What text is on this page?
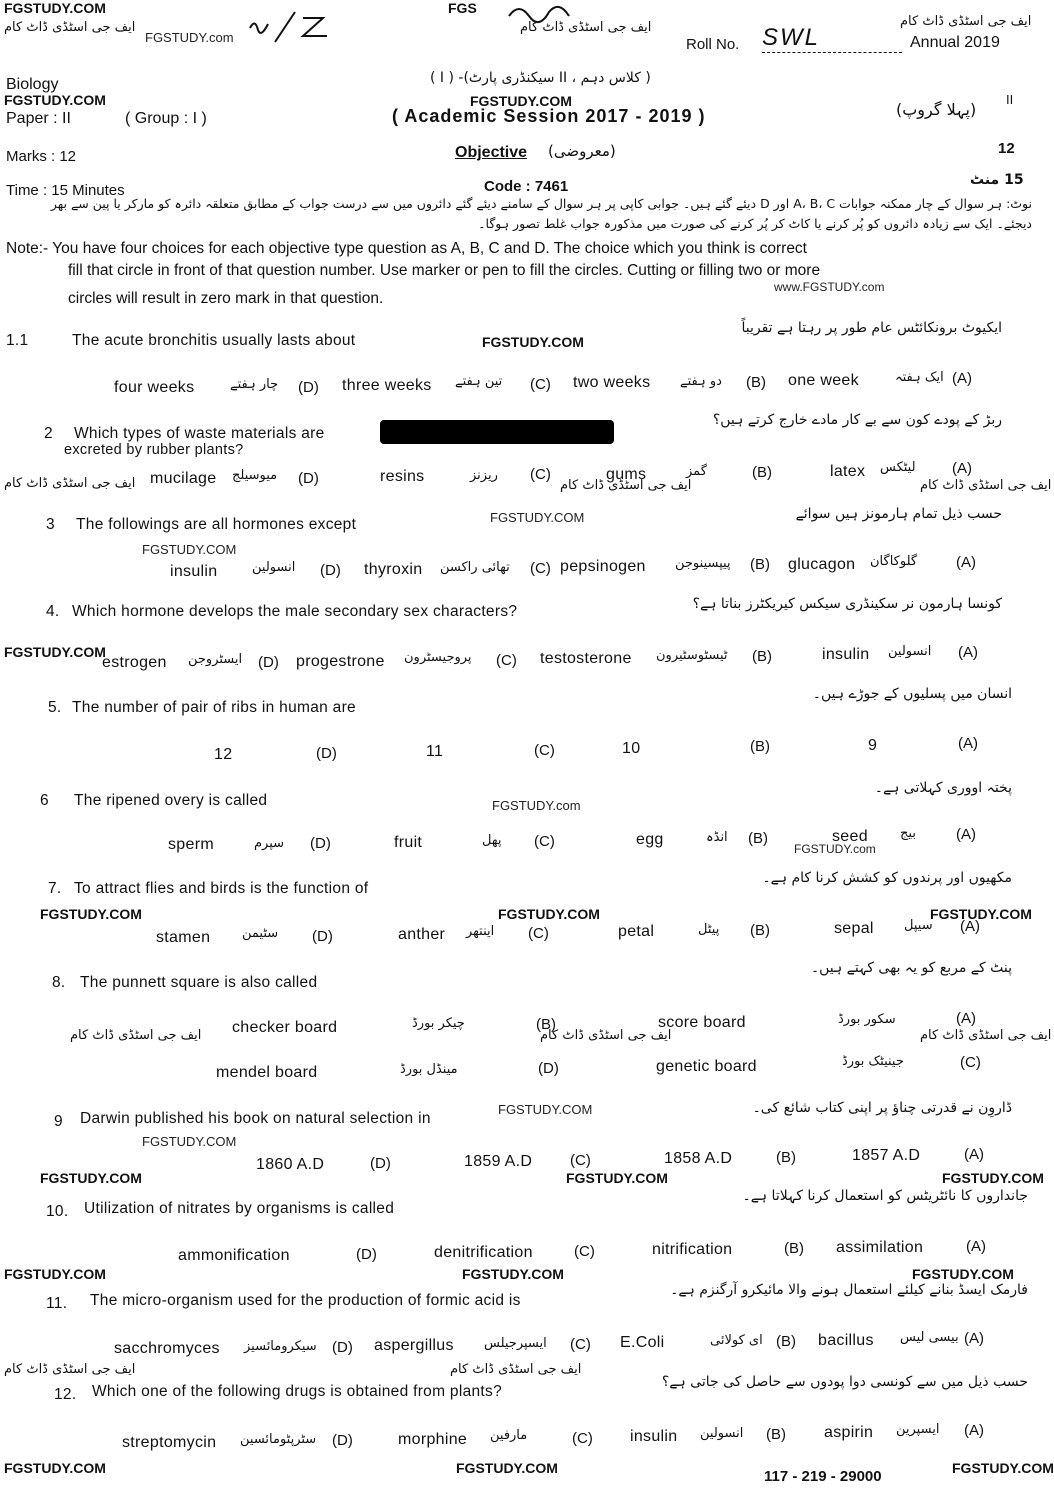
FGSTUDY.COM
FGSTUDY.com
ایف جی اسٹڈی ڈاٹ کام
FGS
ایف جی اسٹڈی ڈاٹ کام
Roll No. SWL	Annual 2019
ایف جی اسٹڈی ڈاٹ کام
Biology
FGSTUDY.COM
Paper : II	( Group : I )
( I ) -(سیکنڈری پارٹ II ، کلاس دہم )
FGSTUDY.COM
( Academic Session 2017 - 2019 )	(پہلا گروپ)
II
Marks : 12	Objective (معروضی)	12
Time : 15 Minutes	Code : 7461	15 منٹ
نوٹ: ہر سوال کے چار ممکنہ جوابات A، B، C اور D دیئے گئے ہیں۔ جوابی کاپی پر ہر سوال کے سامنے دیئے گئے دائروں میں سے درست جواب کے مطابق متعلقہ دائرہ کو مارکر یا پین سے بھر
دیجئے۔ ایک سے زیادہ دائروں کو پُر کرنے یا کاٹ کر پُر کرنے کی صورت میں مذکورہ جواب غلط تصور ہوگا۔
Note:- You have four choices for each objective type question as A, B, C and D. The choice which you think is correct
fill that circle in front of that question number. Use marker or pen to fill the circles. Cutting or filling two or more
circles will result in zero mark in that question.
www.FGSTUDY.com
1.1	The acute bronchitis usually lasts about	FGSTUDY.COM
ایکیوٹ برونکائٹس عام طور پر رہتا ہے تقریباً
(A)
ایک ہفتہ
one week
(B)
دو ہفتے
two weeks
(C)
تین ہفتے
three weeks
(D)
چار ہفتے
four weeks
2 Which types of waste materials are
excreted by rubber plants?
ربڑ کے پودے کون سے بے کار مادے خارج کرتے ہیں؟
(A)
لیٹکس
latex
ایف جی اسٹڈی ڈاٹ کام
(B)
گمز
gums
ایف جی اسٹڈی ڈاٹ کام
(C)
ریزنز
resins
(D)
میوسیلج
mucilage
ایف جی اسٹڈی ڈاٹ کام
3 The followings are all hormones except	FGSTUDY.COM	حسب ذیل تمام ہارمونز ہیں سوائے
FGSTUDY.COM
(A)
گلوکاگان
glucagon
(B)
پیپسینوجن
pepsinogen
(C)
تھائی راکسن
thyroxin
(D)
انسولین
insulin
4. Which hormone develops the male secondary sex characters?	کونسا ہارمون نر سکینڈری سیکس کیریکٹرز بناتا ہے؟
FGSTUDY.COM	(A)
انسولین
insulin
(B)
ٹیسٹوسٹیرون
testosterone
(C)
پروجیسٹرون
progestrone
(D)
ایسٹروجن
estrogen
5. The number of pair of ribs in human are
انسان میں پسلیوں کے جوڑے ہیں۔
(A)
9
(B)
10
(C)
11
(D)
12
6 The ripened overy is called	FGSTUDY.com
پختہ اووری کہلاتی ہے۔
(A)
بیج
seed
FGSTUDY.com
(B)
انڈہ
egg
(C)
پھل
fruit
(D)
سپرم
sperm
7. To attract flies and birds is the function of
مکھیوں اور پرندوں کو کشش کرنا کام ہے۔
FGSTUDY.COM	FGSTUDY.COM	FGSTUDY.COM
(A)
سیپل
sepal
(B)
پیٹل
petal
(C)
اینتھر
anther
(D)
سٹیمن
stamen
8. The punnett square is also called
پنٹ کے مربع کو یہ بھی کہتے ہیں۔
(A)
سکور بورڈ
ایف جی اسٹڈی ڈاٹ کام
score board
(B)
ایف جی اسٹڈی ڈاٹ کام
چیکر بورڈ
checker board
ایف جی اسٹڈی ڈاٹ کام
(C)
جینیٹک بورڈ
genetic board
(D)
مینڈل بورڈ
mendel board
9 Darwin published his book on natural selection in
FGSTUDY.COM	ڈاروِن نے قدرتی چناؤ پر اپنی کتاب شائع کی۔
FGSTUDY.COM
(A)
1857 A.D
(B)
1858 A.D
(C)
1859 A.D
(D)
1860 A.D
FGSTUDY.COM	FGSTUDY.COM	FGSTUDY.COM
10. Utilization of nitrates by organisms is called
جانداروں کا نائٹریٹس کو استعمال کرنا کہلاتا ہے۔
(A)
assimilation
(B)
nitrification
(C)
denitrification
(D)
ammonification
FGSTUDY.COM	FGSTUDY.COM	FGSTUDY.COM
11. The micro-organism used for the production of formic acid is
فارمک ایسڈ بنانے کیلئے استعمال ہونے والا مائیکرو آرگنزم ہے۔
(A)
بیسی لیس
bacillus
(B)
ای کولائی
E.Coli
(C)
ایسپرجیلس
aspergillus
(D)
سیکرومائسیز
sacchromyces
ایف جی اسٹڈی ڈاٹ کام	ایف جی اسٹڈی ڈاٹ کام
12. Which one of the following drugs is obtained from plants?
حسب ذیل میں سے کونسی دوا پودوں سے حاصل کی جاتی ہے؟
(A)
ایسپرین
aspirin
(B)
انسولین
insulin
(C)
مارفین
morphine
(D)
سٹرپٹومائسین
streptomycin
FGSTUDY.COM	FGSTUDY.COM	117 - 219 - 29000	FGSTUDY.COM
